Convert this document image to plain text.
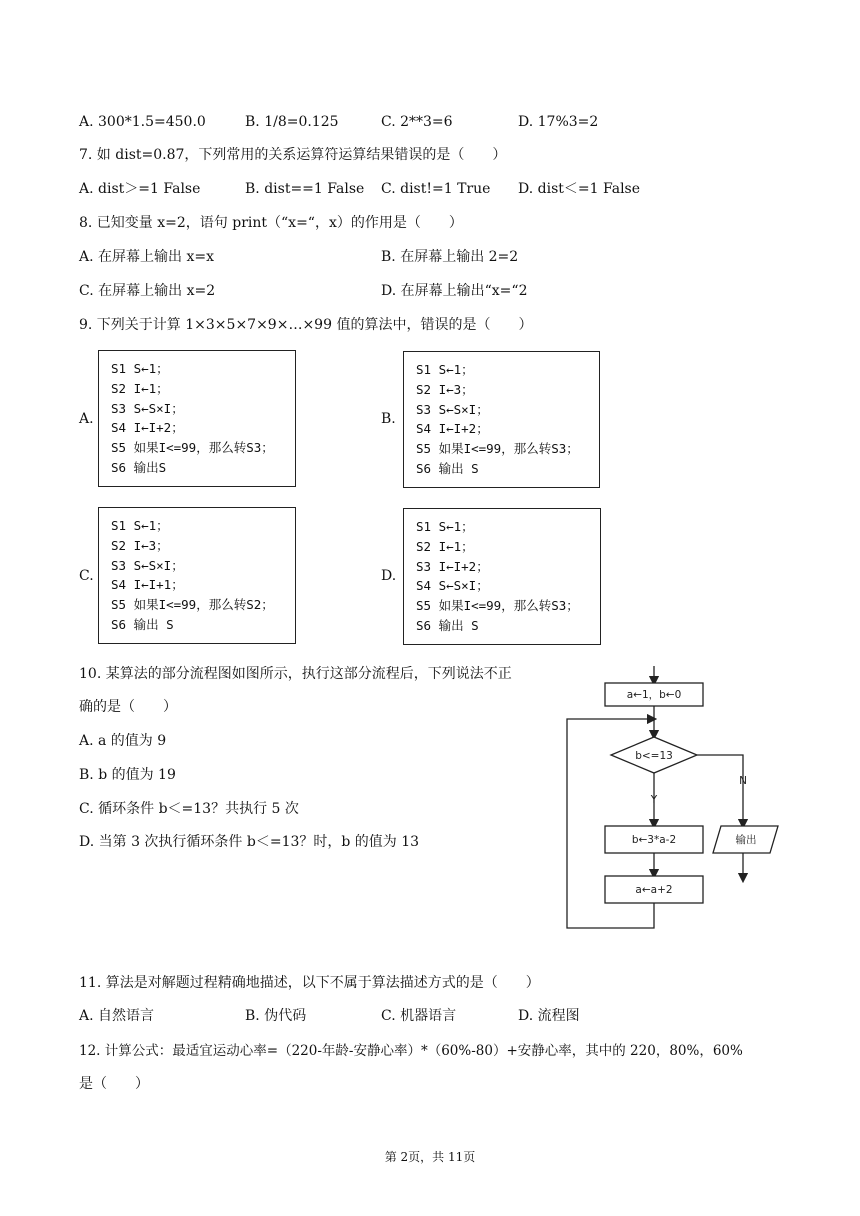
A. 300*1.5=450.0	B. 1/8=0.125	C. 2**3=6	D. 17%3=2
7. 如 dist=0.87，下列常用的关系运算符运算结果错误的是（　　）
A. dist＞=1 False	B. dist==1 False C. dist!=1 True D. dist＜=1 False
8. 已知变量 x=2，语句 print（“x=“，x）的作用是（　　）
A. 在屏幕上输出 x=x	B. 在屏幕上输出 2=2
C. 在屏幕上输出 x=2	D. 在屏幕上输出“x=“2
9. 下列关于计算 1×3×5×7×9×…×99 值的算法中，错误的是（　　）
A.
S1 S←1；
S2 I←1；
S3 S←S×I；
S4 I←I+2；
S5 如果I<=99，那么转S3；
S6 输出S
B.
S1 S←1；
S2 I←3；
S3 S←S×I；
S4 I←I+2；
S5 如果I<=99，那么转S3；
S6 输出 S
C.
S1 S←1；
S2 I←3；
S3 S←S×I；
S4 I←I+1；
S5 如果I<=99，那么转S2；
S6 输出 S
D.
S1 S←1；
S2 I←1；
S3 I←I+2；
S4 S←S×I；
S5 如果I<=99，那么转S3；
S6 输出 S
10. 某算法的部分流程图如图所示，执行这部分流程后，下列说法不正
确的是（　　）
A. a 的值为 9
B. b 的值为 19
C. 循环条件 b＜=13？共执行 5 次
D. 当第 3 次执行循环条件 b＜=13？时，b 的值为 13
a←1，b←0
b<=13
b←3*a-2
a←a+2
输出
Y
N
11. 算法是对解题过程精确地描述，以下不属于算法描述方式的是（　　）
A. 自然语言	B. 伪代码	C. 机器语言	D. 流程图
12. 计算公式：最适宜运动心率=（220-年龄-安静心率）*（60%-80）+安静心率，其中的 220，80%，60%
是（　　）
第 2页，共 11页
